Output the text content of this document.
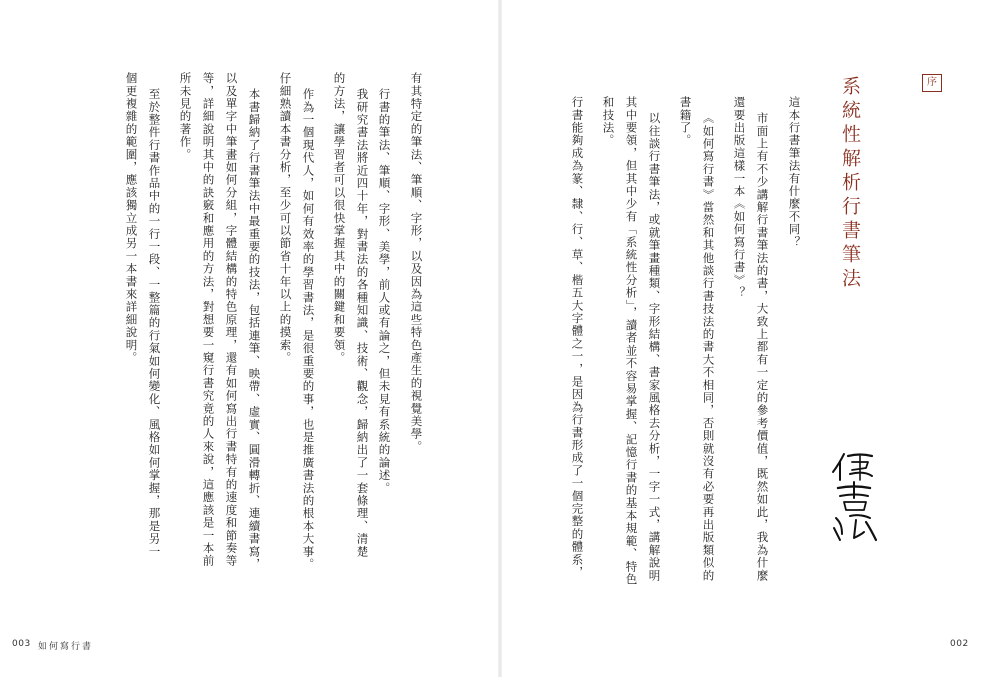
序
系統性解析行書筆法
這本行書筆法有什麼不同？
市面上有不少講解行書筆法的書，大致上都有一定的參考價值，既然如此，我為什麼
還要出版這樣一本《如何寫行書》？
《如何寫行書》當然和其他談行書技法的書大不相同，否則就沒有必要再出版類似的
書籍了。
以往談行書筆法，或就筆畫種類、字形結構、書家風格去分析，一字一式，講解說明
其中要領，但其中少有「系統性分析」，讀者並不容易掌握、記憶行書的基本規範、特色
和技法。
行書能夠成為篆、隸、行、草、楷五大字體之一，是因為行書形成了一個完整的體系，
002
有其特定的筆法、筆順、字形，以及因為這些特色產生的視覺美學。
行書的筆法、筆順、字形、美學，前人或有論之，但未見有系統的論述。
我研究書法將近四十年，對書法的各種知識、技術、觀念，歸納出了一套條理、清楚
的方法，讓學習者可以很快掌握其中的關鍵和要領。
作為一個現代人，如何有效率的學習書法，是很重要的事，也是推廣書法的根本大事。
仔細熟讀本書分析，至少可以節省十年以上的摸索。
本書歸納了行書筆法中最重要的技法，包括連筆、映帶、虛實、圓滑轉折、連續書寫，
以及單字中筆畫如何分組，字體結構的特色原理，還有如何寫出行書特有的速度和節奏等
等，詳細說明其中的訣竅和應用的方法，對想要一窺行書究竟的人來說，這應該是一本前
所未見的著作。
至於整件行書作品中的一行一段、一整篇的行氣如何變化、風格如何掌握，那是另一
個更複雜的範圍，應該獨立成另一本書來詳細說明。
003 如何寫行書
